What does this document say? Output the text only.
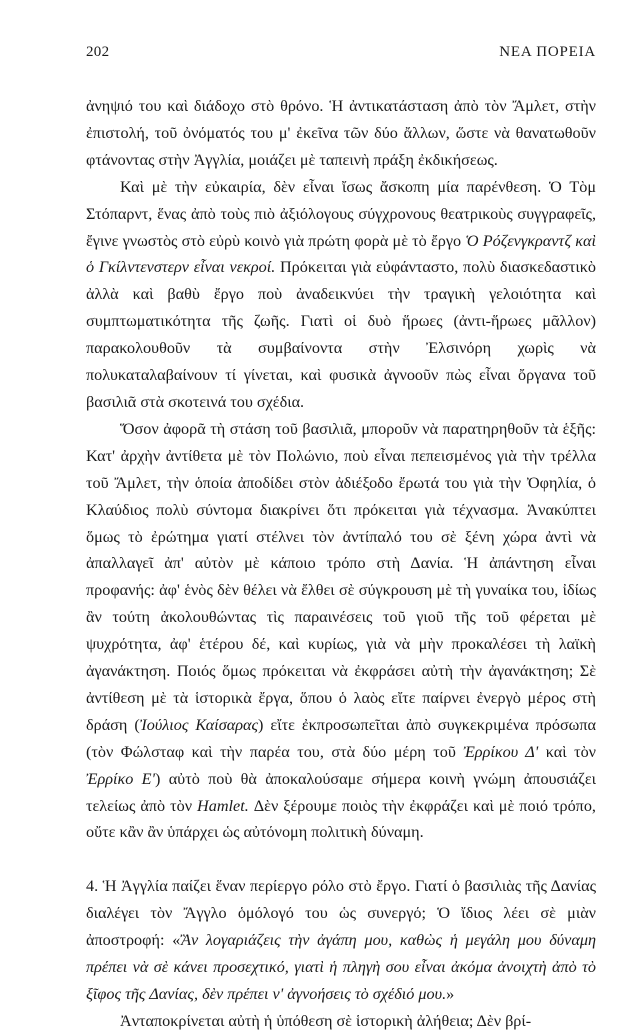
202	ΝΕΑ ΠΟΡΕΙΑ

ἀνηψιό του καὶ διάδοχο στὸ θρόνο. Ἡ ἀντικατάσταση ἀπὸ τὸν Ἄμλετ, στὴν ἐπιστολή, τοῦ ὀνόματός του μ' ἐκεῖνα τῶν δύο ἄλλων, ὥστε νὰ θανατωθοῦν φτάνοντας στὴν Ἀγγλία, μοιάζει μὲ ταπεινὴ πράξη ἐκδικήσεως.

Καὶ μὲ τὴν εὐκαιρία, δὲν εἶναι ἴσως ἄσκοπη μία παρένθεση. Ὁ Τὸμ Στόπαρντ, ἕνας ἀπὸ τοὺς πιὸ ἀξιόλογους σύγχρονους θεατρικοὺς συγγραφεῖς, ἔγινε γνωστὸς στὸ εὐρὺ κοινὸ γιὰ πρώτη φορὰ μὲ τὸ ἔργο Ὁ Ρόζενγκραντζ καὶ ὁ Γκίλντενστερν εἶναι νεκροί. Πρόκειται γιὰ εὐφάνταστο, πολὺ διασκεδαστικὸ ἀλλὰ καὶ βαθὺ ἔργο ποὺ ἀναδεικνύει τὴν τραγικὴ γελοιότητα καὶ συμπτωματικότητα τῆς ζωῆς. Γιατὶ οἱ δυὸ ἥρωες (ἀντι-ἥρωες μᾶλλον) παρακολουθοῦν τὰ συμβαίνοντα στὴν Ἐλσινόρη χωρὶς νὰ πολυκαταλαβαίνουν τί γίνεται, καὶ φυσικὰ ἀγνοοῦν πὼς εἶναι ὄργανα τοῦ βασιλιᾶ στὰ σκοτεινά του σχέδια.

Ὅσον ἀφορᾶ τὴ στάση τοῦ βασιλιᾶ, μποροῦν νὰ παρατηρηθοῦν τὰ ἑξῆς: Κατ' ἀρχὴν ἀντίθετα μὲ τὸν Πολώνιο, ποὺ εἶναι πεπεισμένος γιὰ τὴν τρέλλα τοῦ Ἄμλετ, τὴν ὁποία ἀποδίδει στὸν ἀδιέξοδο ἔρωτά του γιὰ τὴν Ὀφηλία, ὁ Κλαύδιος πολὺ σύντομα διακρίνει ὅτι πρόκειται γιὰ τέχνασμα. Ἀνακύπτει ὅμως τὸ ἐρώτημα γιατί στέλνει τὸν ἀντίπαλό του σὲ ξένη χώρα ἀντὶ νὰ ἀπαλλαγεῖ ἀπ' αὐτὸν μὲ κάποιο τρόπο στὴ Δανία. Ἡ ἀπάντηση εἶναι προφανής: ἀφ' ἑνὸς δὲν θέλει νὰ ἔλθει σὲ σύγκρουση μὲ τὴ γυναίκα του, ἰδίως ἂν τούτη ἀκολουθώντας τὶς παραινέσεις τοῦ γιοῦ τῆς τοῦ φέρεται μὲ ψυχρότητα, ἀφ' ἑτέρου δέ, καὶ κυρίως, γιὰ νὰ μὴν προκαλέσει τὴ λαϊκὴ ἀγανάκτηση. Ποιός ὅμως πρόκειται νὰ ἐκφράσει αὐτὴ τὴν ἀγανάκτηση; Σὲ ἀντίθεση μὲ τὰ ἱστορικὰ ἔργα, ὅπου ὁ λαὸς εἴτε παίρνει ἐνεργὸ μέρος στὴ δράση (Ἰούλιος Καίσαρας) εἴτε ἐκπροσωπεῖται ἀπὸ συγκεκριμένα πρόσωπα (τὸν Φώλσταφ καὶ τὴν παρέα του, στὰ δύο μέρη τοῦ Ἐρρίκου Δ' καὶ τὸν Ἐρρίκο Ε') αὐτὸ ποὺ θὰ ἀποκαλούσαμε σήμερα κοινὴ γνώμη ἀπουσιάζει τελείως ἀπὸ τὸν Hamlet. Δὲν ξέρουμε ποιὸς τὴν ἐκφράζει καὶ μὲ ποιό τρόπο, οὔτε κἂν ἂν ὑπάρχει ὡς αὐτόνομη πολιτικὴ δύναμη.

4. Ἡ Ἀγγλία παίζει ἕναν περίεργο ρόλο στὸ ἔργο. Γιατί ὁ βασιλιὰς τῆς Δανίας διαλέγει τὸν Ἄγγλο ὁμόλογό του ὡς συνεργό; Ὁ ἴδιος λέει σὲ μιὰν ἀποστροφή: «Ἂν λογαριάζεις τὴν ἀγάπη μου, καθὼς ἡ μεγάλη μου δύναμη πρέπει νὰ σὲ κάνει προσεχτικό, γιατὶ ἡ πληγὴ σου εἶναι ἀκόμα ἀνοιχτὴ ἀπὸ τὸ ξῖφος τῆς Δανίας, δὲν πρέπει ν' ἀγνοήσεις τὸ σχέδιό μου.»

Ἀνταποκρίνεται αὐτὴ ἡ ὑπόθεση σὲ ἱστορικὴ ἀλήθεια; Δὲν βρί-
